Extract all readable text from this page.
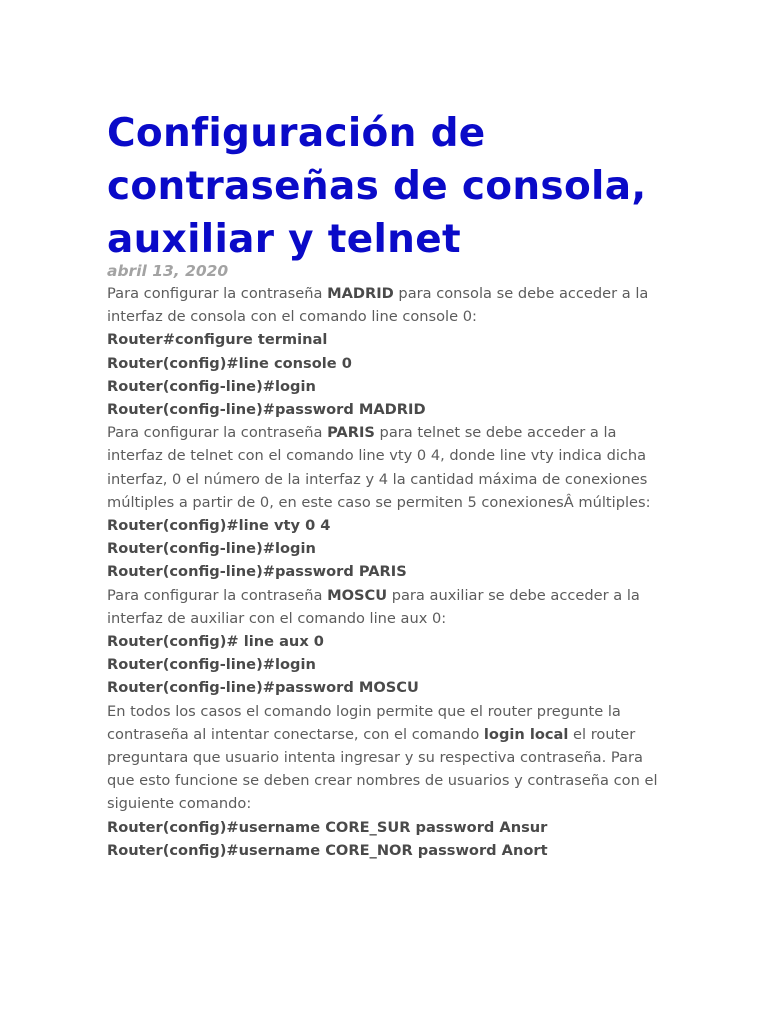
Configuración de contraseñas de consola, auxiliar y telnet
abril 13, 2020

Para configurar la contraseña MADRID para consola se debe acceder a la interfaz de consola con el comando line console 0:

Router#configure terminal
Router(config)#line console 0
Router(config-line)#login
Router(config-line)#password MADRID

Para configurar la contraseña PARIS para telnet se debe acceder a la interfaz de telnet con el comando line vty 0 4, donde line vty indica dicha interfaz, 0 el número de la interfaz y 4 la cantidad máxima de conexiones múltiples a partir de 0, en este caso se permiten 5 conexionesÂ múltiples:

Router(config)#line vty 0 4
Router(config-line)#login
Router(config-line)#password PARIS

Para configurar la contraseña MOSCU para auxiliar se debe acceder a la interfaz de auxiliar con el comando line aux 0:

Router(config)# line aux 0
Router(config-line)#login
Router(config-line)#password MOSCU

En todos los casos el comando login permite que el router pregunte la contraseña al intentar conectarse, con el comando login local el router preguntara que usuario intenta ingresar y su respectiva contraseña. Para que esto funcione se deben crear nombres de usuarios y contraseña con el siguiente comando:

Router(config)#username CORE_SUR password Ansur
Router(config)#username CORE_NOR password Anort
